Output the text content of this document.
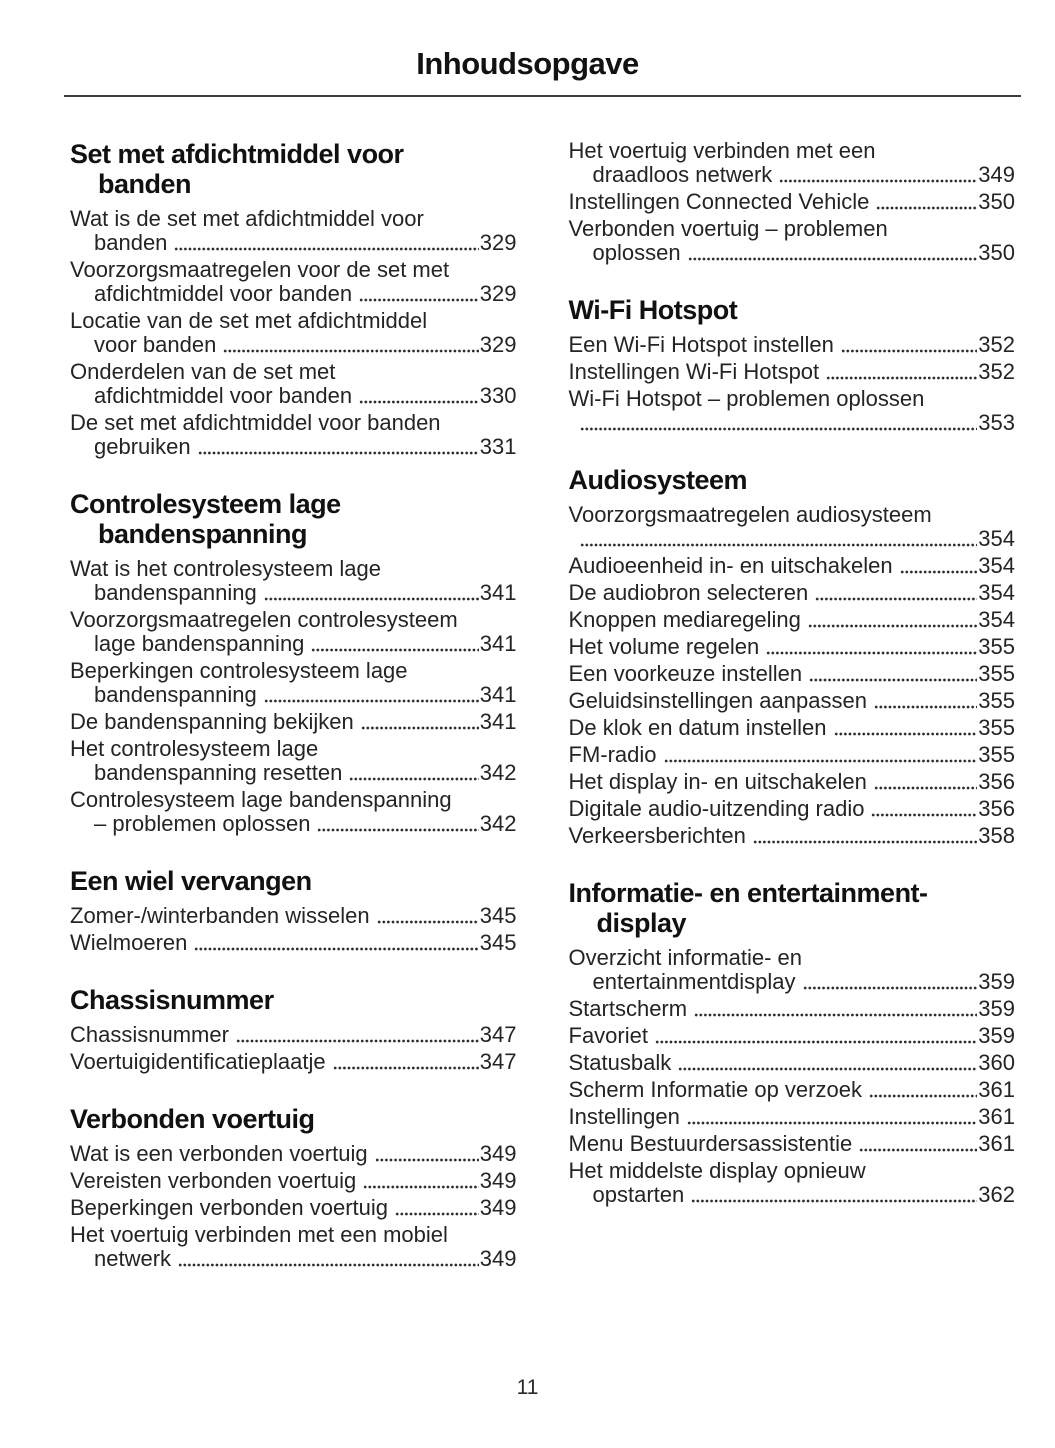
Inhoudsopgave
Set met afdichtmiddel voor
banden
Wat is de set met afdichtmiddel voor
banden	329
Voorzorgsmaatregelen voor de set met
afdichtmiddel voor banden	329
Locatie van de set met afdichtmiddel
voor banden	329
Onderdelen van de set met
afdichtmiddel voor banden	330
De set met afdichtmiddel voor banden
gebruiken	331
Controlesysteem lage
bandenspanning
Wat is het controlesysteem lage
bandenspanning	341
Voorzorgsmaatregelen controlesysteem
lage bandenspanning	341
Beperkingen controlesysteem lage
bandenspanning	341
De bandenspanning bekijken	341
Het controlesysteem lage
bandenspanning resetten	342
Controlesysteem lage bandenspanning
– problemen oplossen	342
Een wiel vervangen
Zomer-/winterbanden wisselen	345
Wielmoeren	345
Chassisnummer
Chassisnummer	347
Voertuigidentificatieplaatje	347
Verbonden voertuig
Wat is een verbonden voertuig	349
Vereisten verbonden voertuig	349
Beperkingen verbonden voertuig	349
Het voertuig verbinden met een mobiel
netwerk	349
Het voertuig verbinden met een
draadloos netwerk	349
Instellingen Connected Vehicle	350
Verbonden voertuig – problemen
oplossen	350
Wi-Fi Hotspot
Een Wi-Fi Hotspot instellen	352
Instellingen Wi-Fi Hotspot	352
Wi-Fi Hotspot – problemen oplossen
353
Audiosysteem
Voorzorgsmaatregelen audiosysteem
354
Audioeenheid in- en uitschakelen	354
De audiobron selecteren	354
Knoppen mediaregeling	354
Het volume regelen	355
Een voorkeuze instellen	355
Geluidsinstellingen aanpassen	355
De klok en datum instellen	355
FM-radio	355
Het display in- en uitschakelen	356
Digitale audio-uitzending radio	356
Verkeersberichten	358
Informatie- en entertainment-
display
Overzicht informatie- en
entertainmentdisplay	359
Startscherm	359
Favoriet	359
Statusbalk	360
Scherm Informatie op verzoek	361
Instellingen	361
Menu Bestuurdersassistentie	361
Het middelste display opnieuw
opstarten	362
11
